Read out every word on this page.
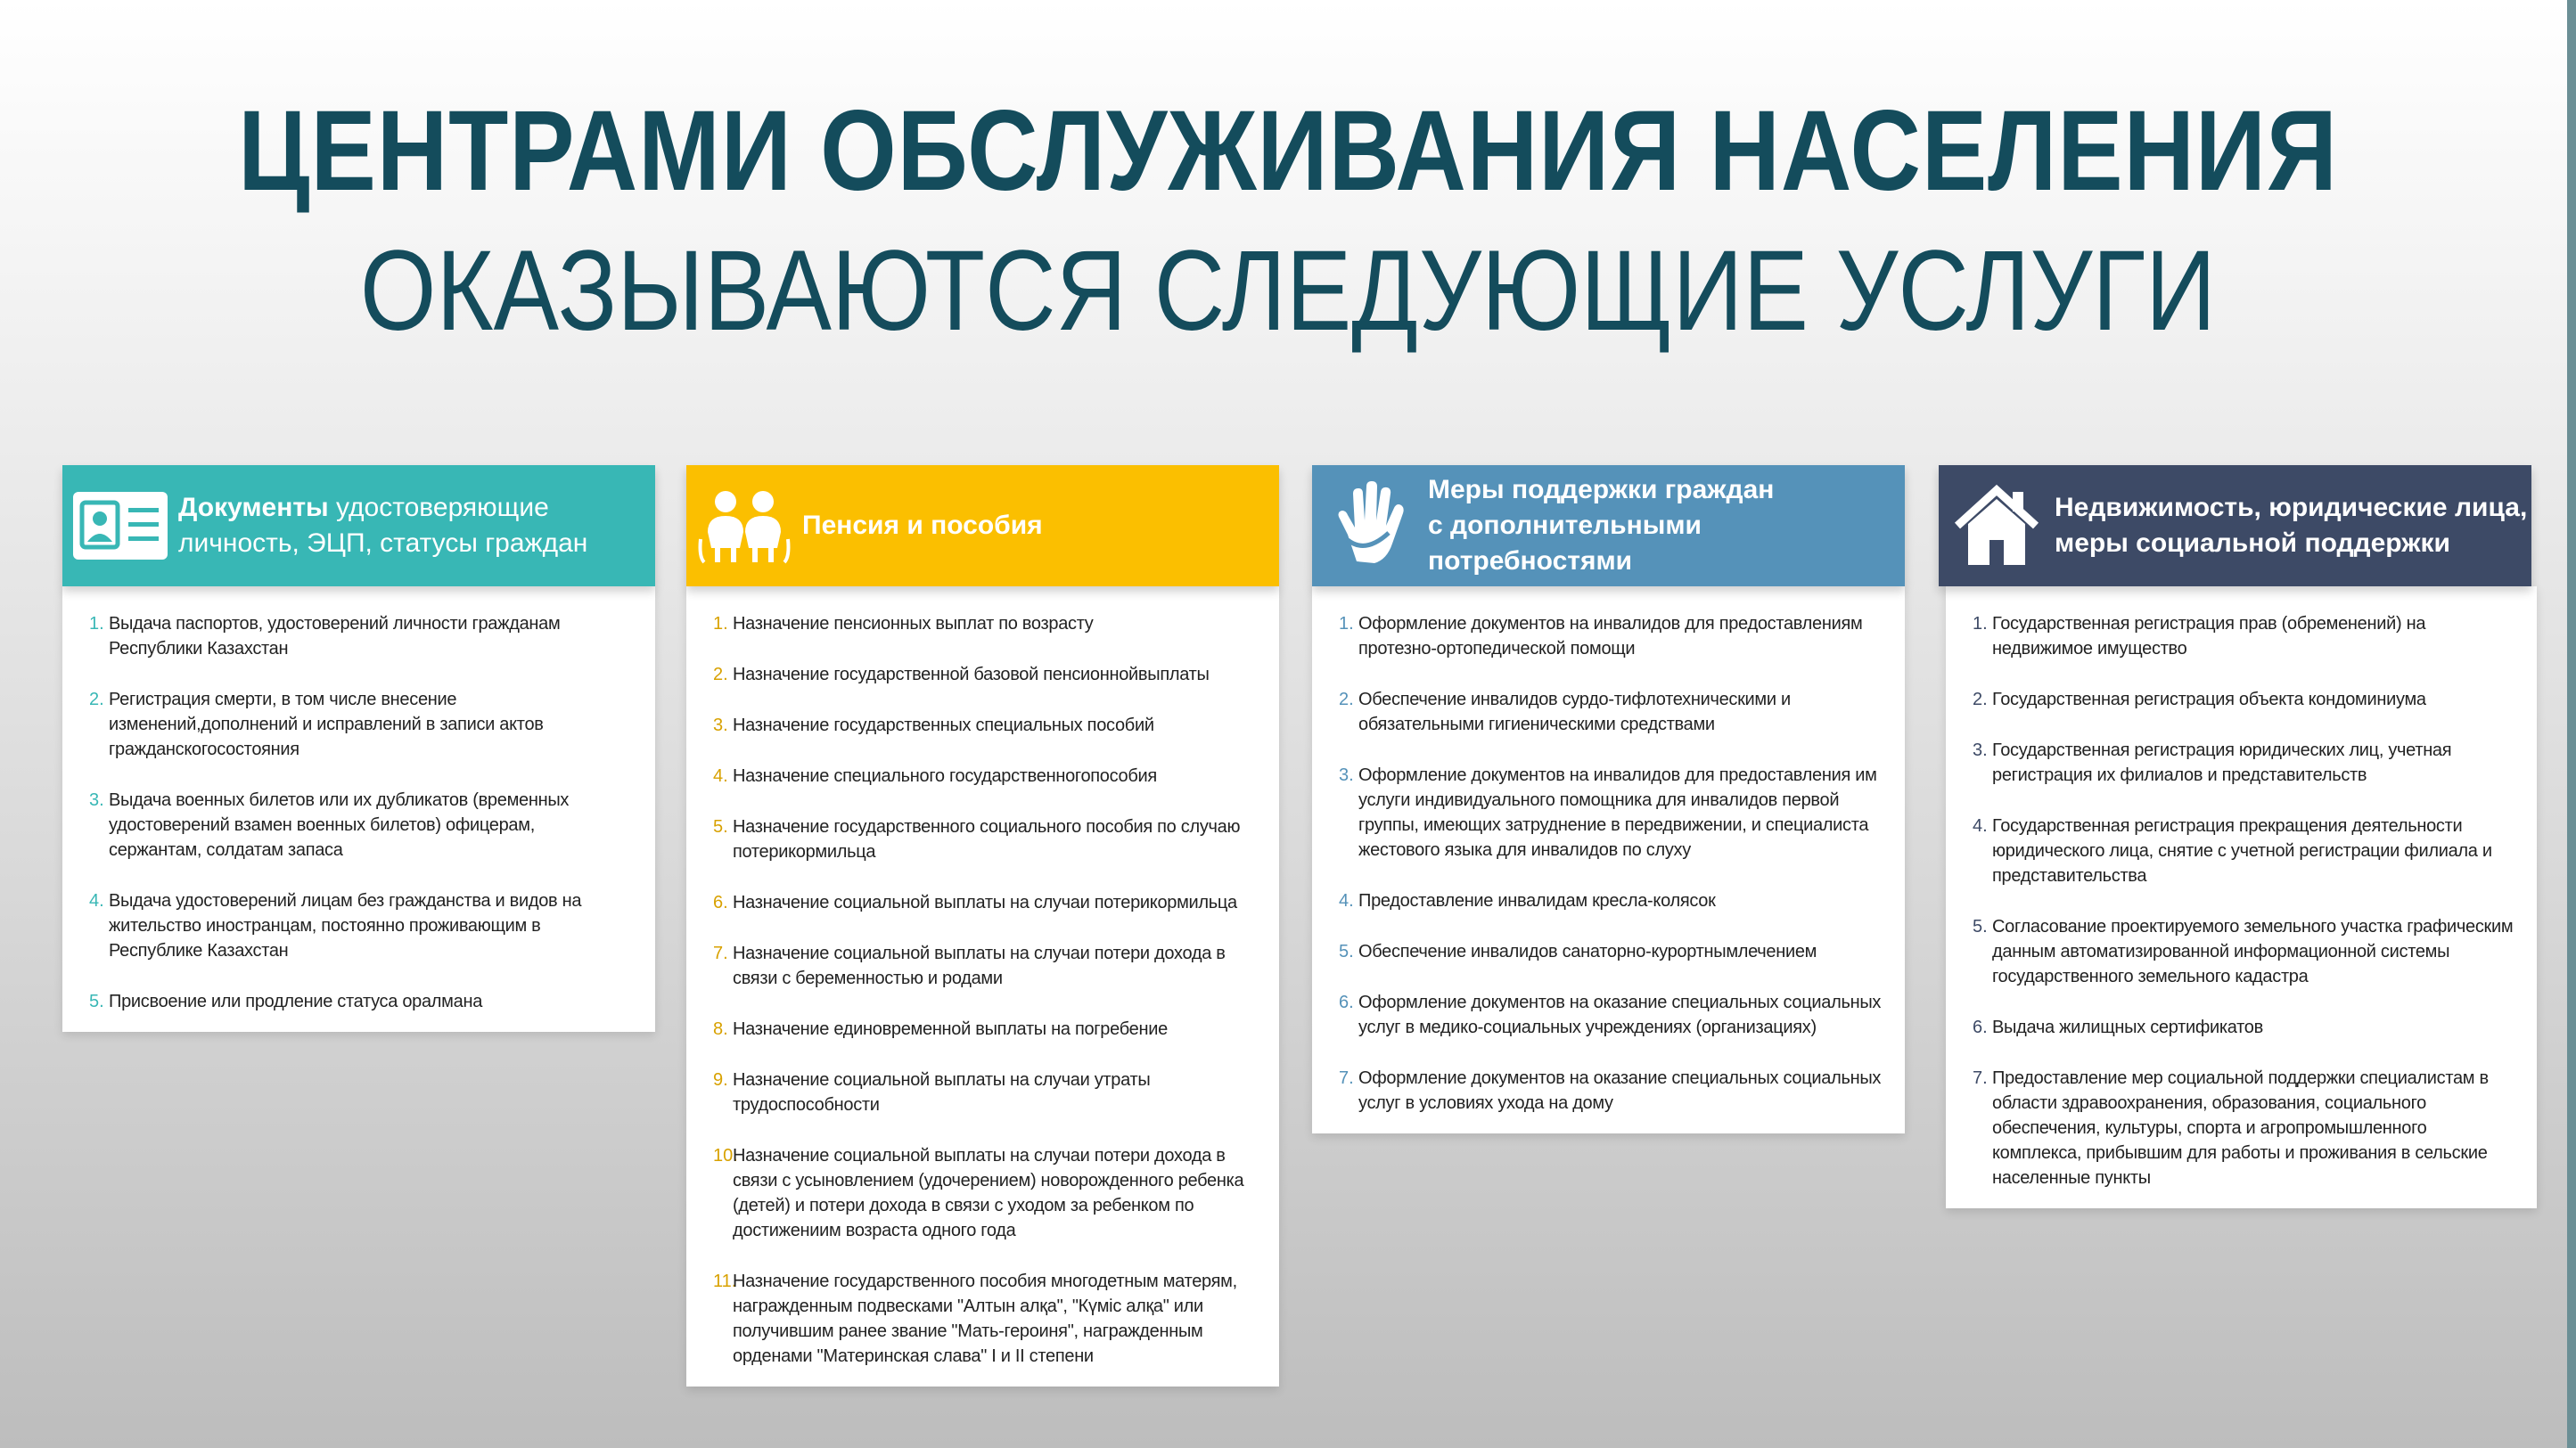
ЦЕНТРАМИ ОБСЛУЖИВАНИЯ НАСЕЛЕНИЯ
ОКАЗЫВАЮТСЯ СЛЕДУЮЩИЕ УСЛУГИ
Документы удостоверяющие
личность, ЭЦП, статусы граждан
1. Выдача паспортов, удостоверений личности гражданам Республики Казахстан
2. Регистрация смерти, в том числе внесение изменений,дополнений и исправлений в записи актов гражданскогосостояния
3. Выдача военных билетов или их дубликатов (временных удостоверений взамен военных билетов) офицерам, сержантам, солдатам запаса
4. Выдача удостоверений лицам без гражданства и видов на жительство иностранцам, постоянно проживающим в Республике Казахстан
5. Присвоение или продление статуса оралмана
Пенсия и пособия
1. Назначение пенсионных выплат по возрасту
2. Назначение государственной базовой пенсионнойвыплаты
3. Назначение государственных специальных пособий
4. Назначение специального государственногопособия
5. Назначение государственного социального пособия по случаю потерикормильца
6. Назначение социальной выплаты на случаи потерикормильца
7. Назначение социальной выплаты на случаи потери дохода в связи с беременностью и родами
8. Назначение единовременной выплаты на погребение
9. Назначение социальной выплаты на случаи утраты трудоспособности
10.
Назначение социальной выплаты на случаи потери дохода в связи с усыновлением (удочерением) новорожденного ребенка (детей) и потери дохода в связи с уходом за ребенком по достижениим возраста одного года
11.
Назначение государственного пособия многодетным матерям, награжденным подвесками "Алтын алқа", "Күміс алқа" или получившим ранее звание "Мать-героиня", награжденным орденами "Материнская слава" I и II степени
Меры поддержки граждан
с дополнительными потребностями
1. Оформление документов на инвалидов для предоставлениям протезно-ортопедической помощи
2. Обеспечение инвалидов сурдо-тифлотехническими и обязательными гигиеническими средствами
3. Оформление документов на инвалидов для предоставления им услуги индивидуального помощника для инвалидов первой группы, имеющих затруднение в передвижении, и специалиста жестового языка для инвалидов по слуху
4. Предоставление инвалидам кресла-колясок
5. Обеспечение инвалидов санаторно-курортнымлечением
6. Оформление документов на оказание специальных социальных услуг в медико-социальных учреждениях (организациях)
7. Оформление документов на оказание специальных социальных услуг в условиях ухода на дому
Недвижимость, юридические лица,
меры социальной поддержки
1. Государственная регистрация прав (обременений) на недвижимое имущество
2. Государственная регистрация объекта кондоминиума
3. Государственная регистрация юридических лиц, учетная регистрация их филиалов и представительств
4. Государственная регистрация прекращения деятельности юридического лица, снятие с учетной регистрации филиала и представительства
5. Согласование проектируемого земельного участка графическим данным автоматизированной информационной системы государственного земельного кадастра
6. Выдача жилищных сертификатов
7. Предоставление мер социальной поддержки специалистам в области здравоохранения, образования, социального обеспечения, культуры, спорта и агропромышленного комплекса, прибывшим для работы и проживания в сельские населенные пункты
